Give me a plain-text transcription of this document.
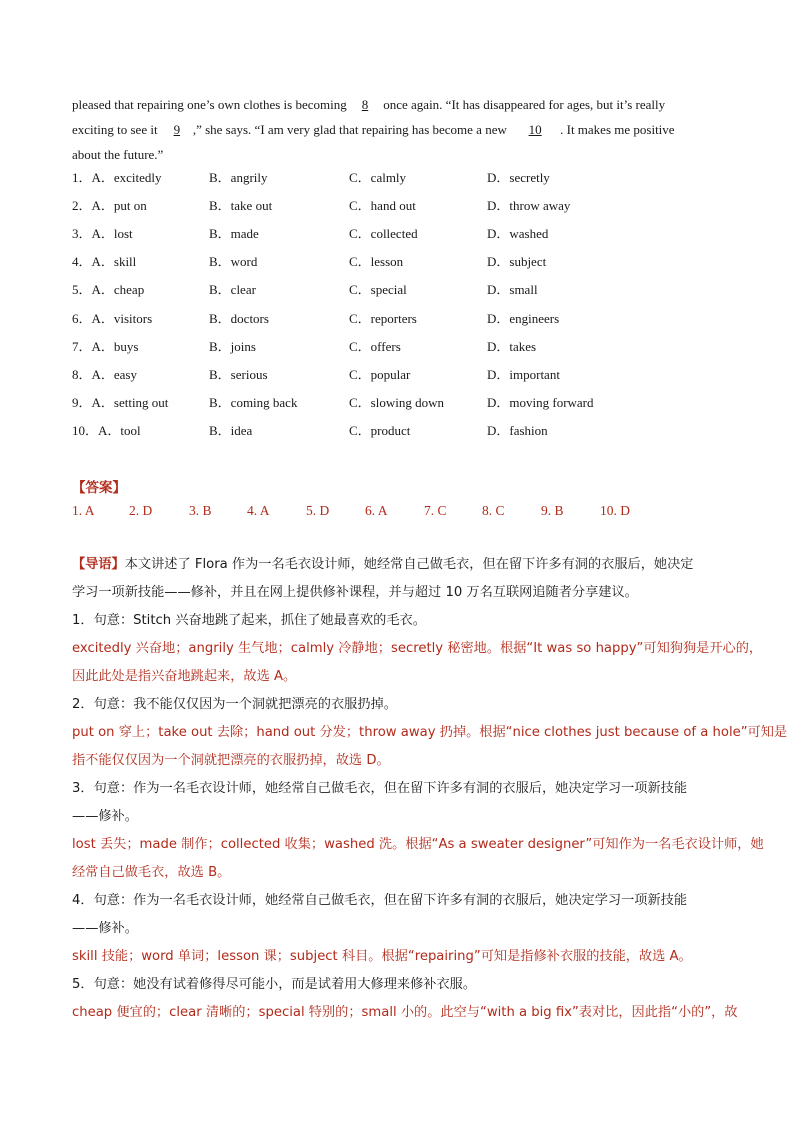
pleased that repairing one’s own clothes is becoming 8 once again. “It has disappeared for ages, but it’s really

exciting to see it 9 ,” she says. “I am very glad that repairing has become a new 10 . It makes me positive

about the future.”

1．A．excitedly	B．angrily	C．calmly	D．secretly
2．A．put on	B．take out	C．hand out	D．throw away
3．A．lost	B．made	C．collected	D．washed
4．A．skill	B．word	C．lesson	D．subject
5．A．cheap	B．clear	C．special	D．small
6．A．visitors	B．doctors	C．reporters	D．engineers
7．A．buys	B．joins	C．offers	D．takes
8．A．easy	B．serious	C．popular	D．important
9．A．setting out	B．coming back	C．slowing down	D．moving forward
10．A．tool	B．idea	C．product	D．fashion
【答案】
1. A	2. D	3. B	4. A	5. D	6. A	7. C	8. C	9. B	10. D
【导语】本文讲述了 Flora 作为一名毛衣设计师，她经常自己做毛衣，但在留下许多有洞的衣服后，她决定
学习一项新技能——修补，并且在网上提供修补课程，并与超过 10 万名互联网追随者分享建议。
1．句意：Stitch 兴奋地跳了起来，抓住了她最喜欢的毛衣。
excitedly 兴奋地；angrily 生气地；calmly 冷静地；secretly 秘密地。根据“It was so happy”可知狗狗是开心的，
因此此处是指兴奋地跳起来，故选 A。
2．句意：我不能仅仅因为一个洞就把漂亮的衣服扔掉。
put on 穿上；take out 去除；hand out 分发；throw away 扔掉。根据“nice clothes just because of a hole”可知是
指不能仅仅因为一个洞就把漂亮的衣服扔掉，故选 D。
3．句意：作为一名毛衣设计师，她经常自己做毛衣，但在留下许多有洞的衣服后，她决定学习一项新技能
——修补。
lost 丢失；made 制作；collected 收集；washed 洗。根据“As a sweater designer”可知作为一名毛衣设计师，她
经常自己做毛衣，故选 B。
4．句意：作为一名毛衣设计师，她经常自己做毛衣，但在留下许多有洞的衣服后，她决定学习一项新技能
——修补。
skill 技能；word 单词；lesson 课；subject 科目。根据“repairing”可知是指修补衣服的技能，故选 A。
5．句意：她没有试着修得尽可能小，而是试着用大修理来修补衣服。
cheap 便宜的；clear 清晰的；special 特别的；small 小的。此空与“with a big fix”表对比，因此指“小的”，故
